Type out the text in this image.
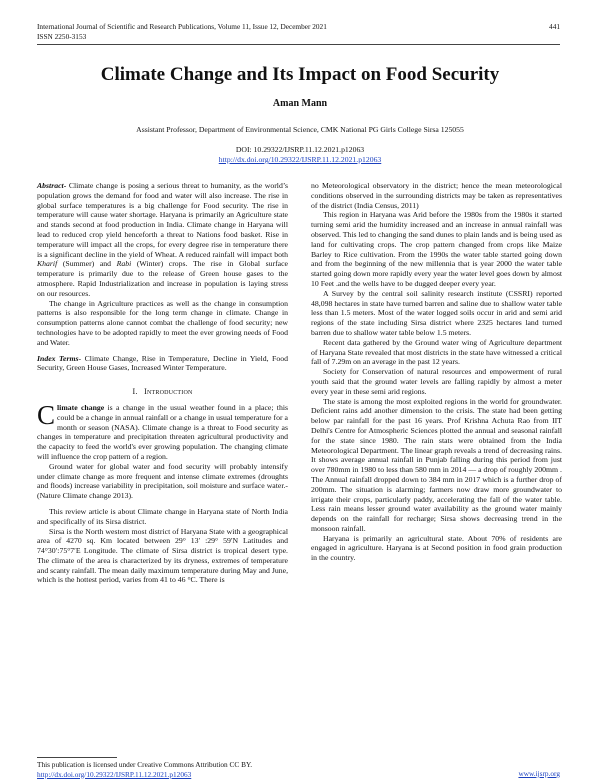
International Journal of Scientific and Research Publications, Volume 11, Issue 12, December 2021
ISSN 2250-3153
441
Climate Change and Its Impact on Food Security
Aman Mann
Assistant Professor, Department of Environmental Science, CMK National PG Girls College Sirsa 125055
DOI: 10.29322/IJSRP.11.12.2021.p12063
http://dx.doi.org/10.29322/IJSRP.11.12.2021.p12063

Abstract- Climate change is posing a serious threat to humanity, as the world’s population grows the demand for food and water will also increase. The rise in global surface temperatures is a big challenge for Food security. The rise in temperature will cause water shortage. Haryana is primarily an Agriculture state and stands second at food production in India. Climate change in Haryana will lead to reduced crop yield henceforth a threat to Nations food basket. Rise in temperature will impact all the crops, for every degree rise in temperature there is a significant decline in the yield of Wheat. A reduced rainfall will impact both Kharif (Summer) and Rabi (Winter) crops. The rise in Global surface temperature is primarily due to the release of Green house gases to the atmosphere. Rapid Industrialization and increase in population is laying stress on our resources.

The change in Agriculture practices as well as the change in consumption patterns is also responsible for the long term change in climate. Change in consumption patterns alone cannot combat the challenge of food security; new technologies have to be adopted rapidly to meet the ever growing needs of Food and Water.

Index Terms- Climate Change, Rise in Temperature, Decline in Yield, Food Security, Green House Gases, Increased Winter Temperature.

I. Introduction

Climate change is a change in the usual weather found in a place; this could be a change in annual rainfall or a change in usual temperature for a month or season (NASA). Climate change is a threat to Food security as changes in temperature and precipitation threaten agricultural productivity and the capacity to feed the world's ever growing population. The changing climate will influence the crop pattern of a region.

Ground water for global water and food security will probably intensify under climate change as more frequent and intense climate extremes (droughts and floods) increase variability in precipitation, soil moisture and surface water.- (Nature Climate change 2013).

This review article is about Climate change in Haryana state of North India and specifically of its Sirsa district.

Sirsa is the North western most district of Haryana State with a geographical area of 4270 sq. Km located between 29° 13′ :29° 59′N Latitudes and 74°30′:75°7′E Longitude. The climate of Sirsa district is tropical desert type. The climate of the area is characterized by its dryness, extremes of temperature and scanty rainfall. The mean daily maximum temperature during May and June, which is the hottest period, varies from 41 to 46 °C. There is

no Meteorological observatory in the district; hence the mean meteorological conditions observed in the surrounding districts may be taken as representatives of the district (India Census, 2011)

This region in Haryana was Arid before the 1980s from the 1980s it started turning semi arid the humidity increased and an increase in annual rainfall was observed. This led to changing the sand dunes to plain lands and is being used as land for cultivating crops. The crop pattern changed from crops like Maize Barley to Rice cultivation. From the 1990s the water table started going down and from the beginning of the new millennia that is year 2000 the water table started going down more rapidly every year the water level goes down by almost 10 Feet .and the wells have to be dugged deeper every year.

A Survey by the central soil salinity research institute (CSSRI) reported 48,098 hectares in state have turned barren and saline due to shallow water table less than 1.5 meters. Most of the water logged soils occur in arid and semi arid regions of the state including Sirsa district where 2325 hectares land turned barren due to shallow water table below 1.5 meters.

Recent data gathered by the Ground water wing of Agriculture department of Haryana State revealed that most districts in the state have witnessed a critical fall of 7.29m on an average in the past 12 years.

Society for Conservation of natural resources and empowerment of rural youth said that the ground water levels are falling rapidly by almost a meter every year in these semi arid regions.

The state is among the most exploited regions in the world for groundwater. Deficient rains add another dimension to the crisis. The state had been getting below par rainfall for the past 16 years. Prof Krishna Achuta Rao from IIT Delhi's Centre for Atmospheric Sciences plotted the annual and seasonal rainfall for the state since 1980. The rain stats were obtained from the India Meteorological Department. The linear graph reveals a trend of decreasing rains. It shows average annual rainfall in Punjab falling during this period from just over 780mm in 1980 to less than 580 mm in 2014 — a drop of roughly 200mm . The Annual rainfall dropped down to 384 mm in 2017 which is a further drop of 200mm. The situation is alarming; farmers now draw more groundwater to irrigate their crops, particularly paddy, accelerating the fall of the water table. Less rain means lesser ground water availability as the ground water mainly depends on the rainfall for recharge; Sirsa shows decreasing trend in the monsoon rainfall.

Haryana is primarily an agricultural state. About 70% of residents are engaged in agriculture. Haryana is at Second position in food grain production in the country.

This publication is licensed under Creative Commons Attribution CC BY.
http://dx.doi.org/10.29322/IJSRP.11.12.2021.p12063	www.ijsrp.org
